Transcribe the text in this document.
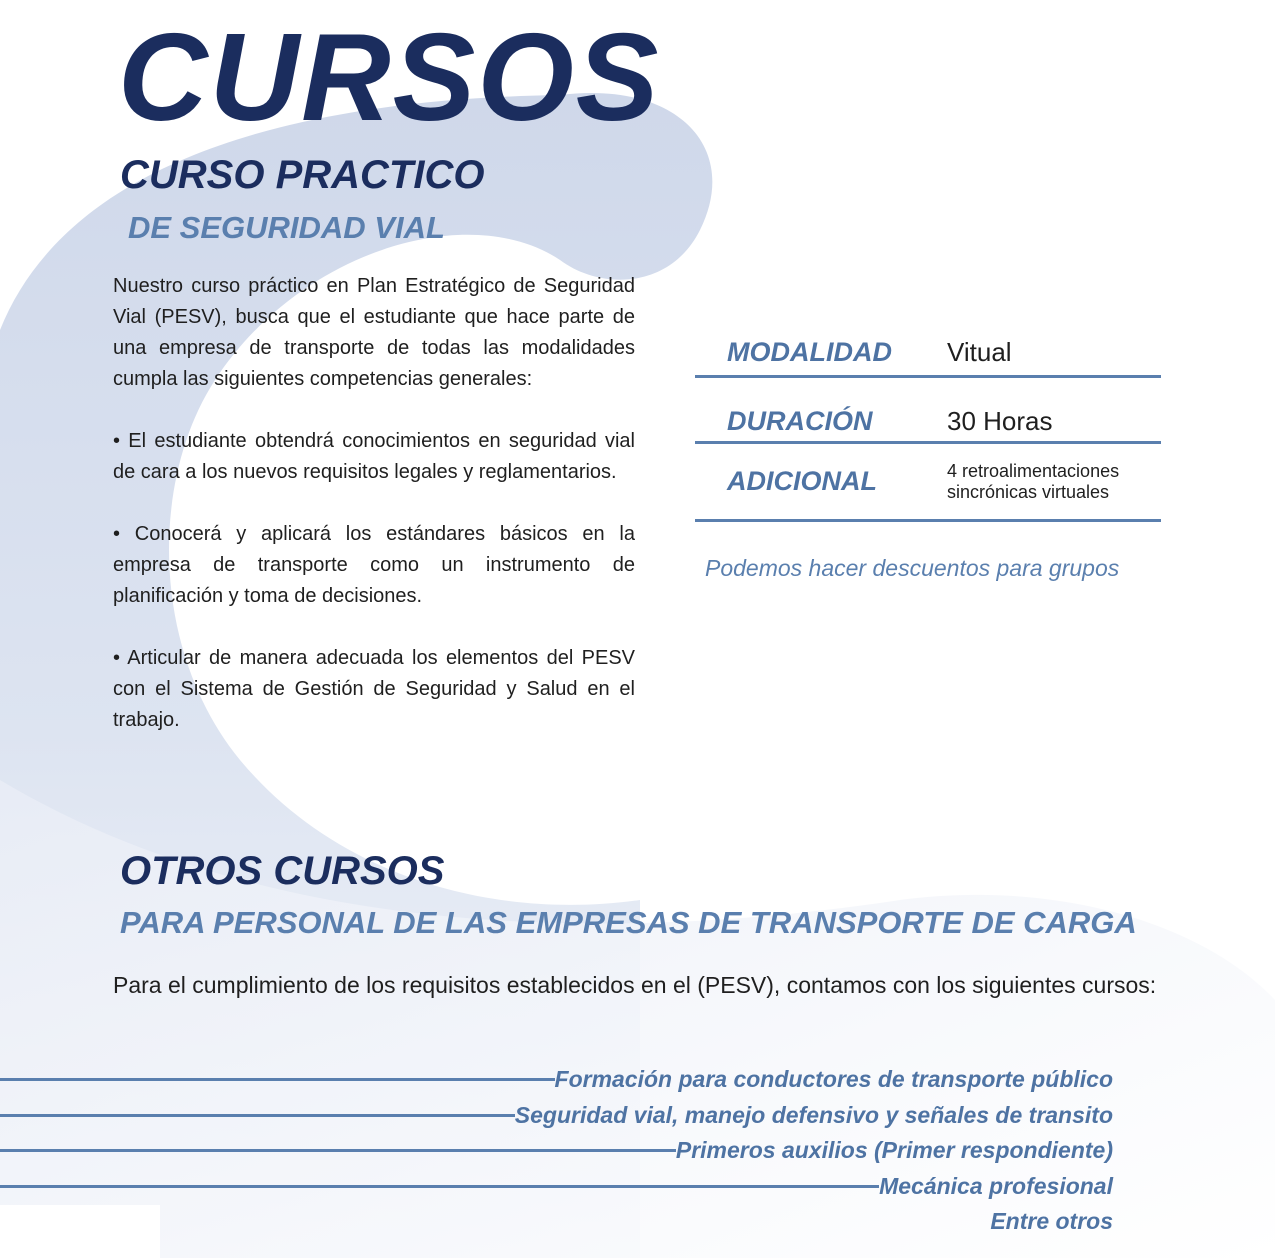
CURSOS
CURSO PRACTICO
DE SEGURIDAD VIAL

Nuestro curso práctico en Plan Estratégico de Seguridad Vial (PESV), busca que el estudiante que hace parte de una empresa de transporte de todas las modalidades cumpla las siguientes competencias generales:

• El estudiante obtendrá conocimientos en seguridad vial de cara a los nuevos requisitos legales y reglamentarios.

• Conocerá y aplicará los estándares básicos en la empresa de transporte como un instrumento de planificación y toma de decisiones.

• Articular de manera adecuada los elementos del PESV con el Sistema de Gestión de Seguridad y Salud en el trabajo.

MODALIDAD	Vitual
DURACIÓN	30 Horas
ADICIONAL	4 retroalimentaciones
sincrónicas virtuales
Podemos hacer descuentos para grupos
OTROS CURSOS
PARA PERSONAL DE LAS EMPRESAS DE TRANSPORTE DE CARGA
Para el cumplimiento de los requisitos establecidos en el (PESV), contamos con los siguientes cursos:
Formación para conductores de transporte público
Seguridad vial, manejo defensivo y señales de transito
Primeros auxilios (Primer respondiente)
Mecánica profesional
Entre otros
